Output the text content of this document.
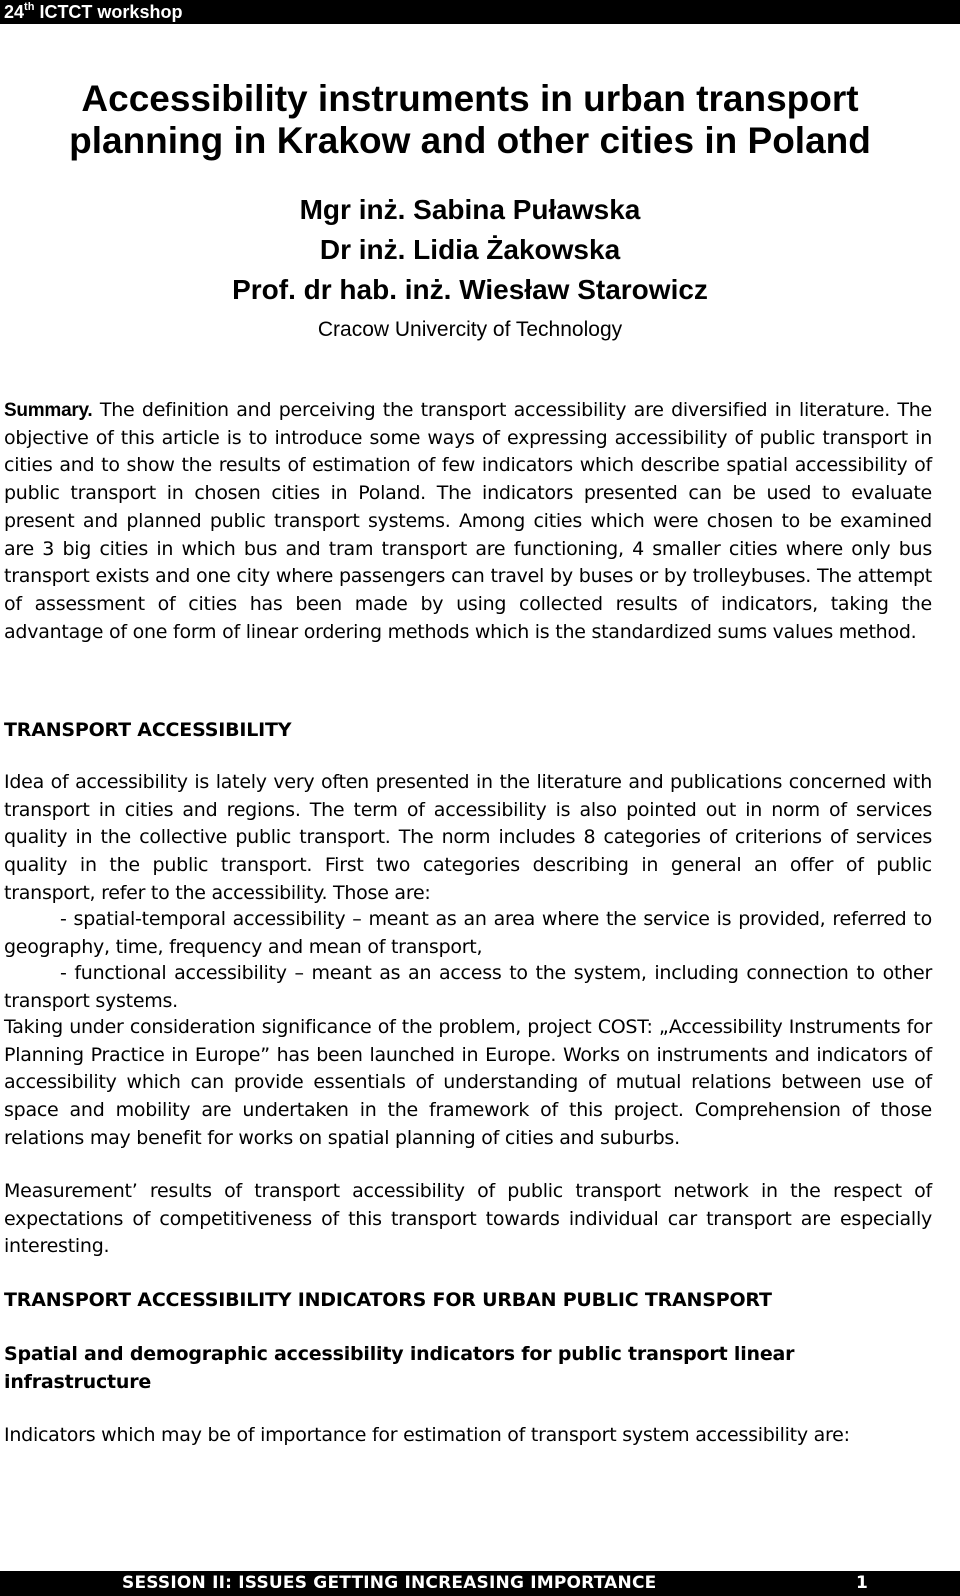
24th ICTCT workshop
Accessibility instruments in urban transport
planning in Krakow and other cities in Poland
Mgr inż. Sabina Puławska
Dr inż. Lidia Żakowska
Prof. dr hab. inż. Wiesław Starowicz
Cracow Univercity of Technology

Summary. The definition and perceiving the transport accessibility are diversified in literature. The objective of this article is to introduce some ways of expressing accessibility of public transport in cities and to show the results of estimation of few indicators which describe spatial accessibility of public transport in chosen cities in Poland. The indicators presented can be used to evaluate present and planned public transport systems. Among cities which were chosen to be examined are 3 big cities in which bus and tram transport are functioning, 4 smaller cities where only bus transport exists and one city where passengers can travel by buses or by trolleybuses. The attempt of assessment of cities has been made by using collected results of indicators, taking the advantage of one form of linear ordering methods which is the standardized sums values method.

TRANSPORT ACCESSIBILITY

Idea of accessibility is lately very often presented in the literature and publications concerned with transport in cities and regions. The term of accessibility is also pointed out in norm of services quality in the collective public transport. The norm includes 8 categories of criterions of services quality in the public transport. First two categories describing in general an offer of public transport, refer to the accessibility. Those are:

- spatial-temporal accessibility – meant as an area where the service is provided, referred to geography, time, frequency and mean of transport,

- functional accessibility – meant as an access to the system, including connection to other transport systems.

Taking under consideration significance of the problem, project COST: „Accessibility Instruments for Planning Practice in Europe” has been launched in Europe. Works on instruments and indicators of accessibility which can provide essentials of understanding of mutual relations between use of space and mobility are undertaken in the framework of this project. Comprehension of those relations may benefit for works on spatial planning of cities and suburbs.

Measurement’ results of transport accessibility of public transport network in the respect of expectations of competitiveness of this transport towards individual car transport are especially interesting.

TRANSPORT ACCESSIBILITY INDICATORS FOR URBAN PUBLIC TRANSPORT
Spatial and demographic accessibility indicators for public transport linear infrastructure

Indicators which may be of importance for estimation of transport system accessibility are:

SESSION II: ISSUES GETTING INCREASING IMPORTANCE	1
